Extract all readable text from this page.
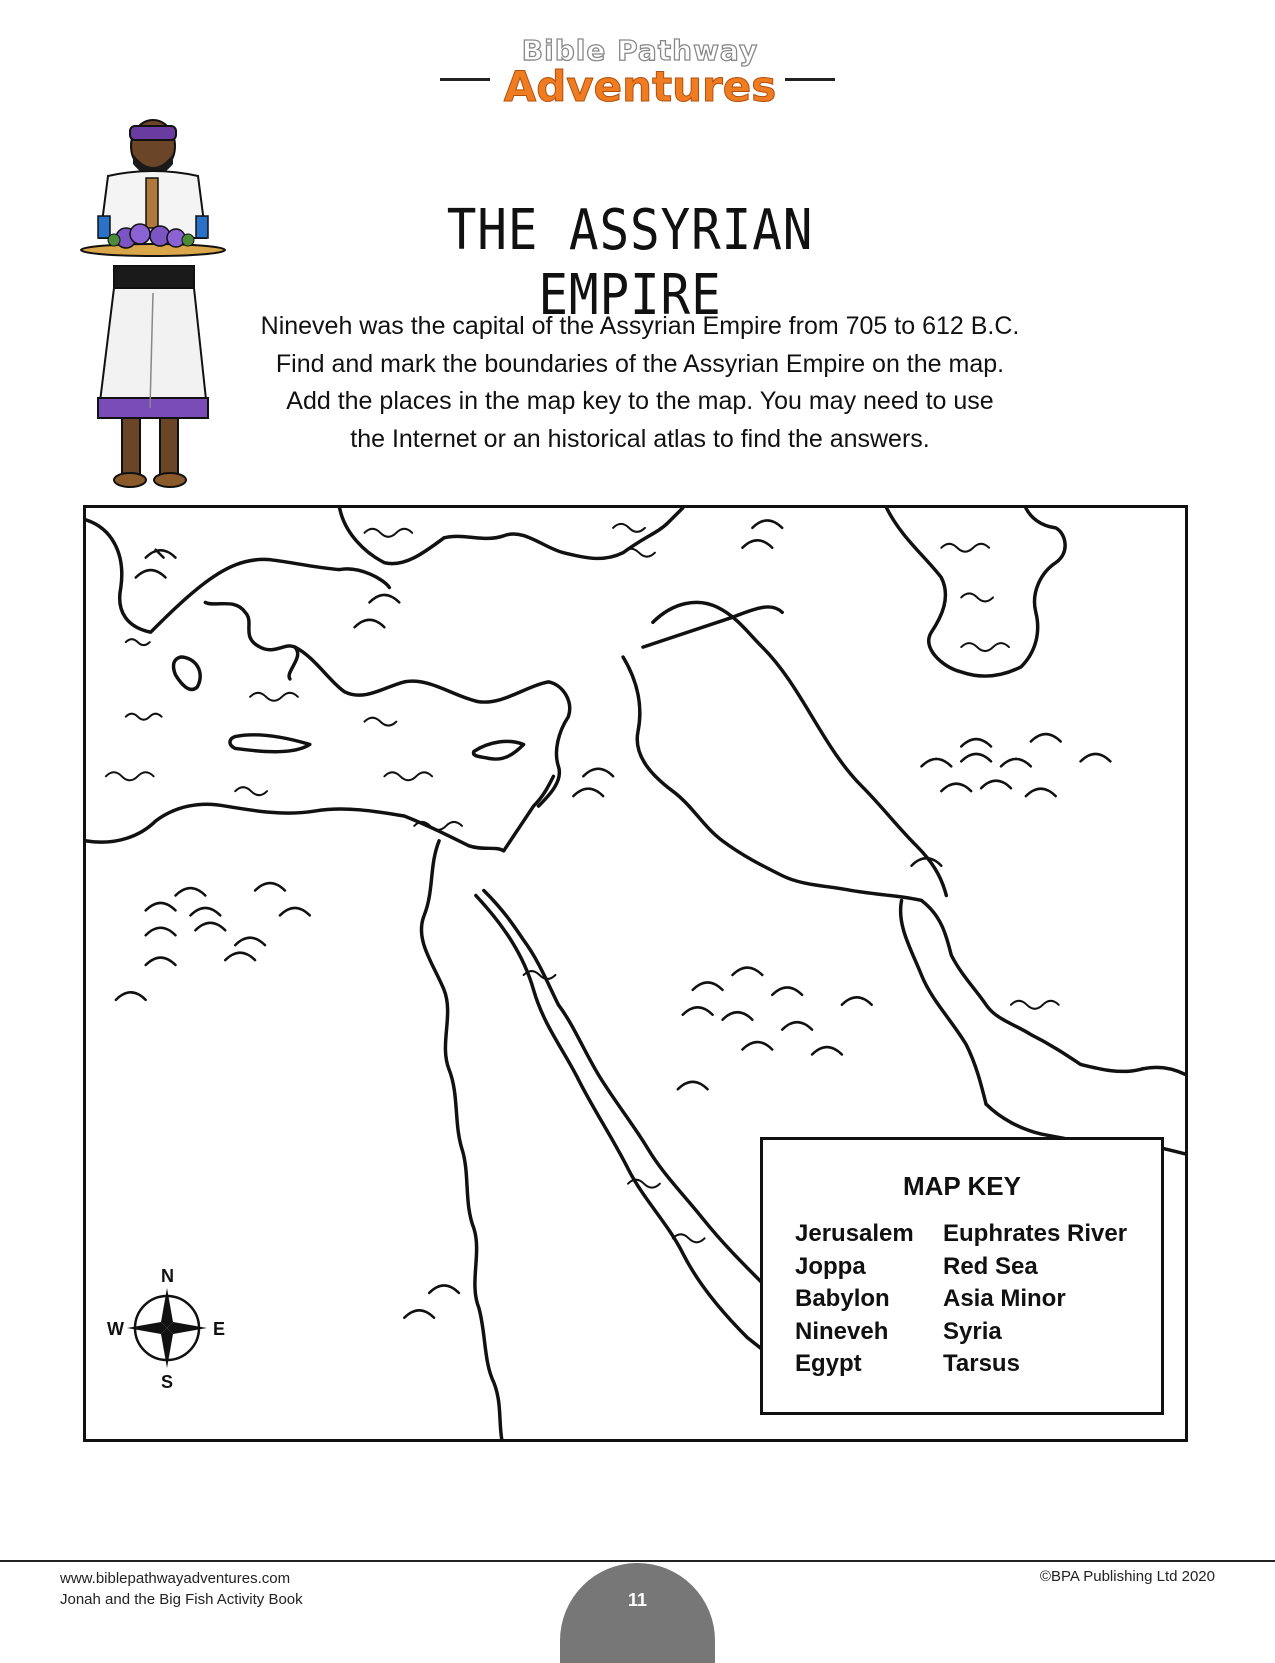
Bible Pathway
Adventures
THE ASSYRIAN EMPIRE
Nineveh was the capital of the Assyrian Empire from 705 to 612 B.C.
Find and mark the boundaries of the Assyrian Empire on the map.
Add the places in the map key to the map. You may need to use
the Internet or an historical atlas to find the answers.
N
S
W	E
MAP KEY
Jerusalem
Joppa
Babylon
Nineveh
Egypt
Euphrates River
Red Sea
Asia Minor
Syria
Tarsus
www.biblepathwayadventures.com
Jonah and the Big Fish Activity Book
©BPA Publishing Ltd 2020
11
